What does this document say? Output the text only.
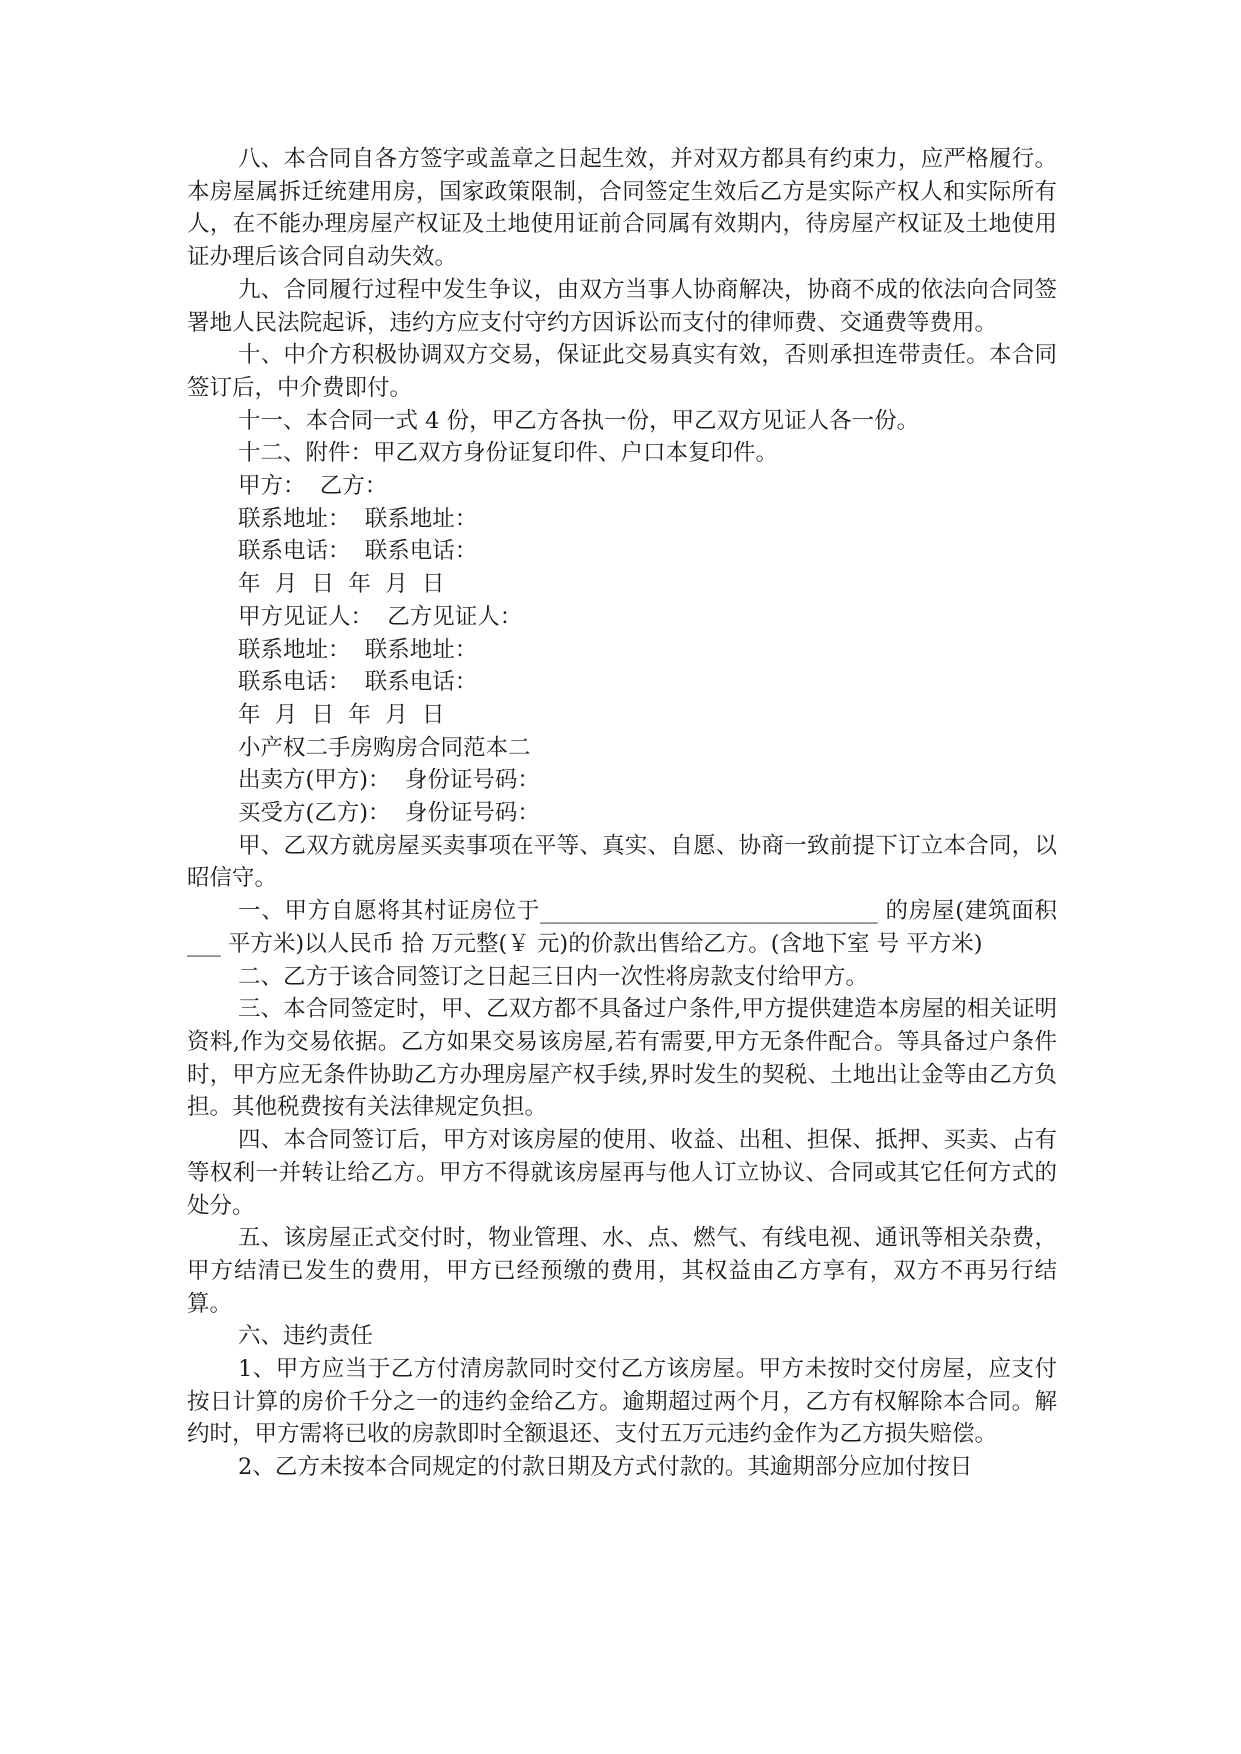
八、本合同自各方签字或盖章之日起生效，并对双方都具有约束力，应严格履行。本房屋属拆迁统建用房，国家政策限制，合同签定生效后乙方是实际产权人和实际所有人，在不能办理房屋产权证及土地使用证前合同属有效期内，待房屋产权证及土地使用证办理后该合同自动失效。

九、合同履行过程中发生争议，由双方当事人协商解决，协商不成的依法向合同签署地人民法院起诉，违约方应支付守约方因诉讼而支付的律师费、交通费等费用。

十、中介方积极协调双方交易，保证此交易真实有效，否则承担连带责任。本合同签订后，中介费即付。

十一、本合同一式 4 份，甲乙方各执一份，甲乙双方见证人各一份。

十二、附件：甲乙双方身份证复印件、户口本复印件。

甲方：  乙方：

联系地址：  联系地址：

联系电话：  联系电话：

年  月  日  年  月  日

甲方见证人：  乙方见证人：

联系地址：  联系地址：

联系电话：  联系电话：

年  月  日  年  月  日

小产权二手房购房合同范本二

出卖方(甲方)：  身份证号码：

买受方(乙方)：  身份证号码：

甲、乙双方就房屋买卖事项在平等、真实、自愿、协商一致前提下订立本合同，以昭信守。

一、甲方自愿将其村证房位于______________________________ 的房屋(建筑面积___ 平方米)以人民币 拾 万元整(￥ 元)的价款出售给乙方。(含地下室 号 平方米)

二、乙方于该合同签订之日起三日内一次性将房款支付给甲方。

三、本合同签定时，甲、乙双方都不具备过户条件,甲方提供建造本房屋的相关证明资料,作为交易依据。乙方如果交易该房屋,若有需要,甲方无条件配合。等具备过户条件时，甲方应无条件协助乙方办理房屋产权手续,界时发生的契税、土地出让金等由乙方负担。其他税费按有关法律规定负担。

四、本合同签订后，甲方对该房屋的使用、收益、出租、担保、抵押、买卖、占有等权利一并转让给乙方。甲方不得就该房屋再与他人订立协议、合同或其它任何方式的处分。

五、该房屋正式交付时，物业管理、水、点、燃气、有线电视、通讯等相关杂费，甲方结清已发生的费用，甲方已经预缴的费用，其权益由乙方享有，双方不再另行结算。

六、违约责任

1、甲方应当于乙方付清房款同时交付乙方该房屋。甲方未按时交付房屋，应支付按日计算的房价千分之一的违约金给乙方。逾期超过两个月，乙方有权解除本合同。解约时，甲方需将已收的房款即时全额退还、支付五万元违约金作为乙方损失赔偿。

2、乙方未按本合同规定的付款日期及方式付款的。其逾期部分应加付按日
